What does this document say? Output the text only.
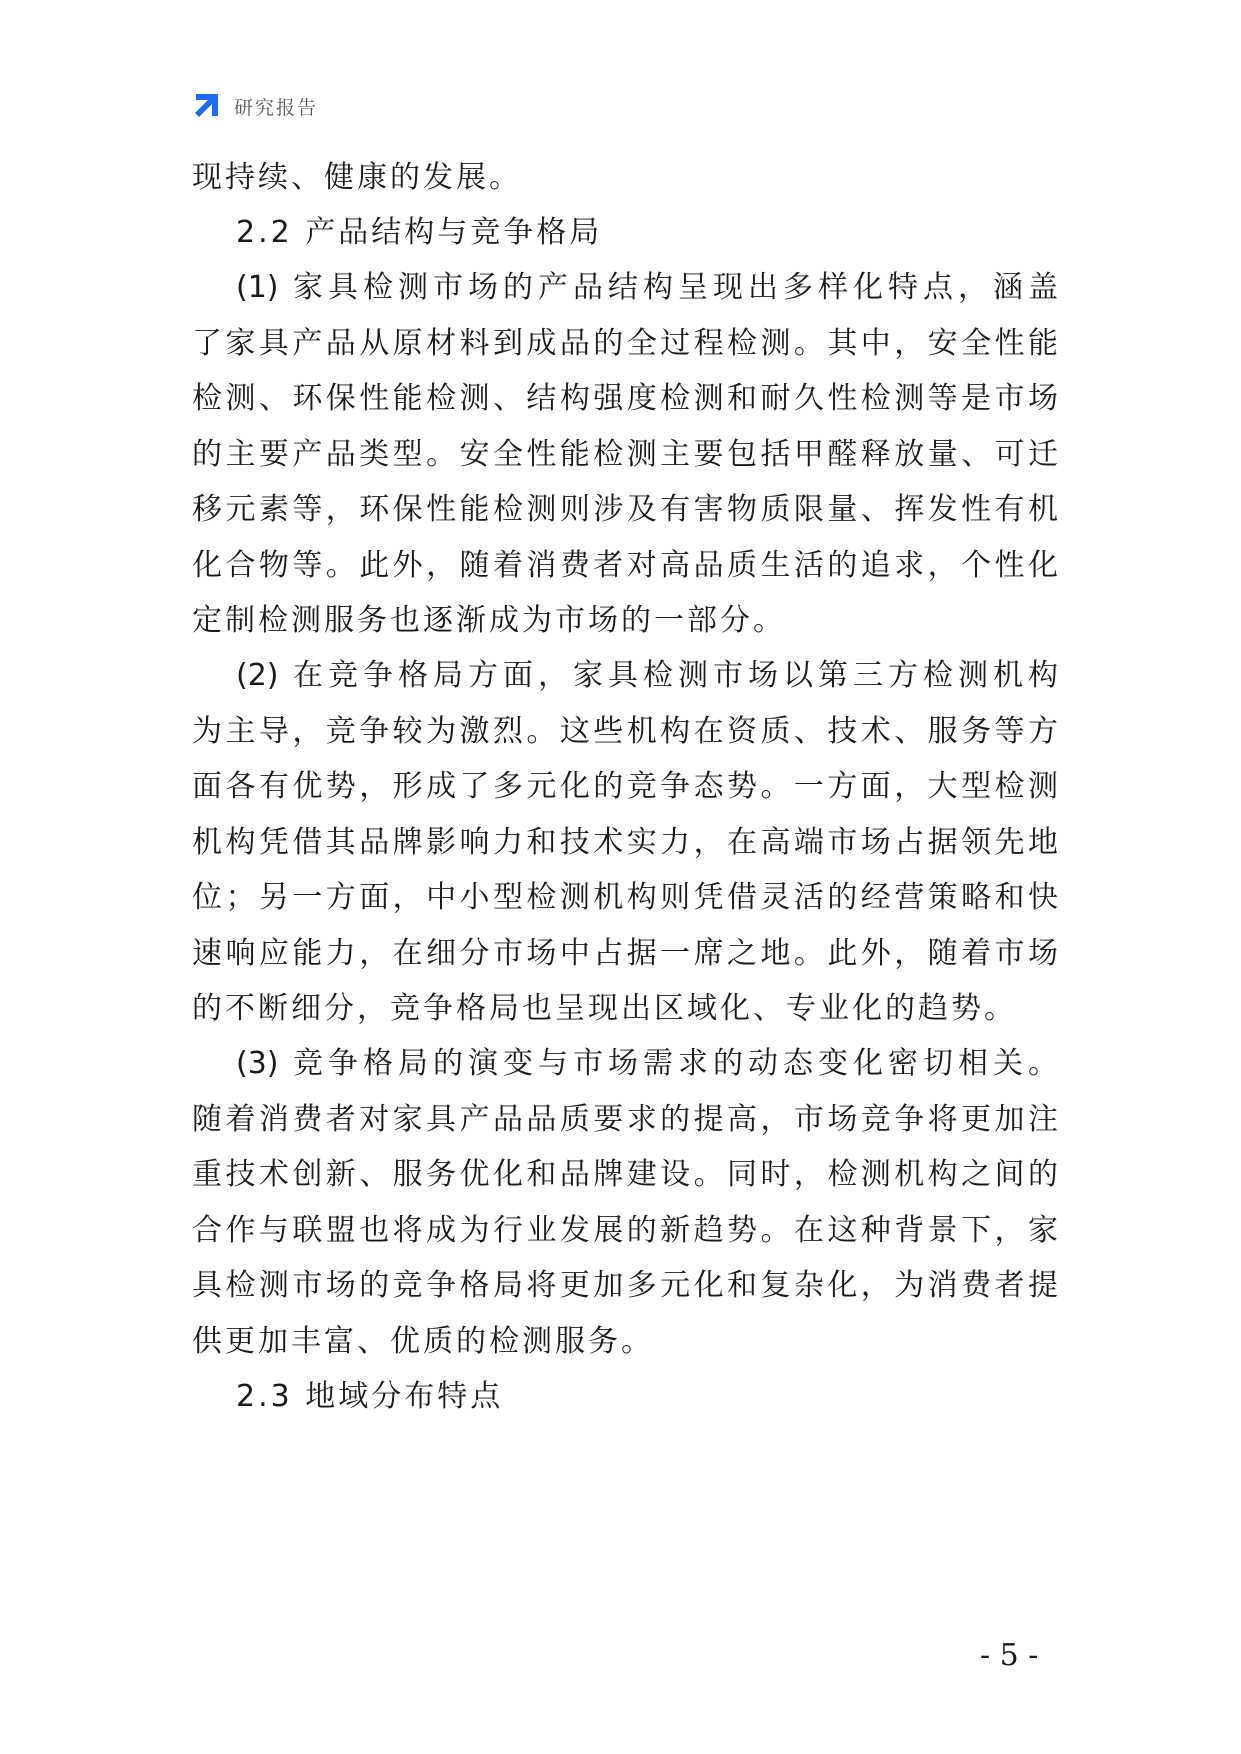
研究报告
现持续、健康的发展。
2.2 产品结构与竞争格局
(1) 家具检测市场的产品结构呈现出多样化特点，涵盖
了家具产品从原材料到成品的全过程检测。其中，安全性能
检测、环保性能检测、结构强度检测和耐久性检测等是市场
的主要产品类型。安全性能检测主要包括甲醛释放量、可迁
移元素等，环保性能检测则涉及有害物质限量、挥发性有机
化合物等。此外，随着消费者对高品质生活的追求，个性化
定制检测服务也逐渐成为市场的一部分。
(2) 在竞争格局方面，家具检测市场以第三方检测机构
为主导，竞争较为激烈。这些机构在资质、技术、服务等方
面各有优势，形成了多元化的竞争态势。一方面，大型检测
机构凭借其品牌影响力和技术实力，在高端市场占据领先地
位；另一方面，中小型检测机构则凭借灵活的经营策略和快
速响应能力，在细分市场中占据一席之地。此外，随着市场
的不断细分，竞争格局也呈现出区域化、专业化的趋势。
(3) 竞争格局的演变与市场需求的动态变化密切相关。
随着消费者对家具产品品质要求的提高，市场竞争将更加注
重技术创新、服务优化和品牌建设。同时，检测机构之间的
合作与联盟也将成为行业发展的新趋势。在这种背景下，家
具检测市场的竞争格局将更加多元化和复杂化，为消费者提
供更加丰富、优质的检测服务。
2.3 地域分布特点
- 5 -
